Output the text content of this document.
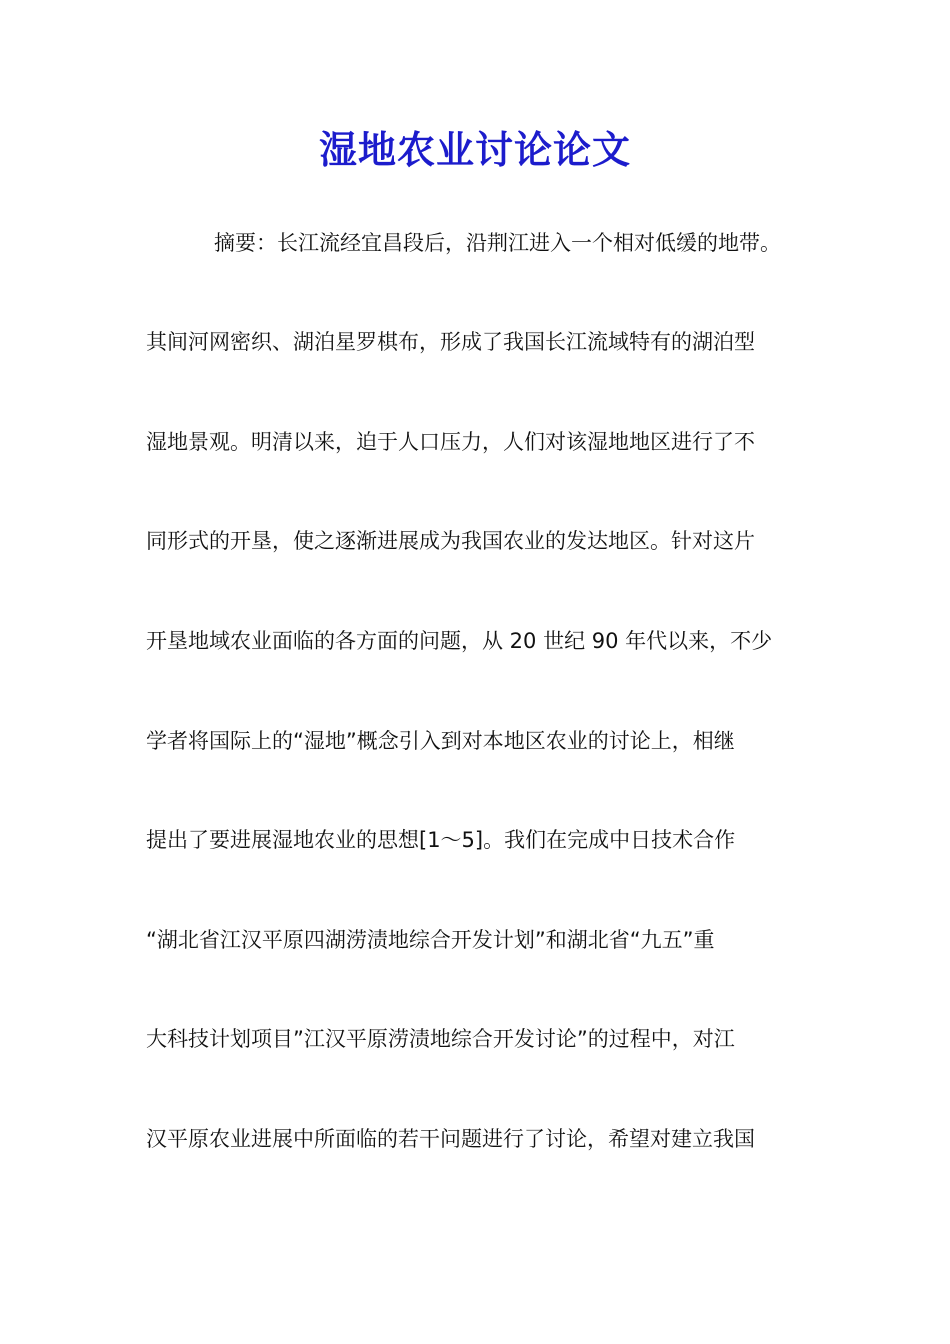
湿地农业讨论论文

摘要：长江流经宜昌段后，沿荆江进入一个相对低缓的地带。

其间河网密织、湖泊星罗棋布，形成了我国长江流域特有的湖泊型

湿地景观。明清以来，迫于人口压力，人们对该湿地地区进行了不

同形式的开垦，使之逐渐进展成为我国农业的发达地区。针对这片

开垦地域农业面临的各方面的问题，从 20 世纪 90 年代以来，不少

学者将国际上的“湿地”概念引入到对本地区农业的讨论上，相继

提出了要进展湿地农业的思想[1～5]。我们在完成中日技术合作

“湖北省江汉平原四湖涝渍地综合开发计划”和湖北省“九五”重

大科技计划项目”江汉平原涝渍地综合开发讨论”的过程中，对江

汉平原农业进展中所面临的若干问题进行了讨论，希望对建立我国
